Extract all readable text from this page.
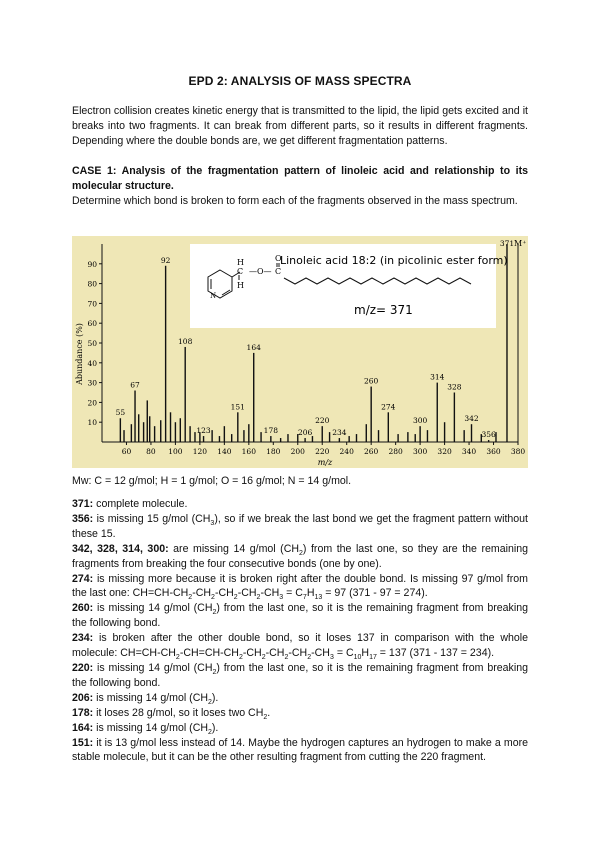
EPD 2: ANALYSIS OF MASS SPECTRA
Electron collision creates kinetic energy that is transmitted to the lipid, the lipid gets excited and it breaks into two fragments. It can break from different parts, so it results in different fragments. Depending where the double bonds are, we get different fragmentation patterns.
CASE 1: Analysis of the fragmentation pattern of linoleic acid and relationship to its molecular structure.
Determine which bond is broken to form each of the fragments observed in the mass spectrum.
55
67
92
108
123
151
164
178	206
220
234
260
274
300
314
328
342
356
371
N
H
C
H
—O— C
O
Linoleic acid 18:2 (in picolinic ester form)
m/z= 371
10
20
30
40
50
60
70
80
90
60 80 100 120 140 160 180 200 220 240 260 280 300 320 340 360 380
Abundance (%)
m/z
M⁺
Mw: C = 12 g/mol; H = 1 g/mol; O = 16 g/mol; N = 14 g/mol.

371: complete molecule.

356: is missing 15 g/mol $(CH_3)$, so if we break the last bond we get the fragment pattern without these 15.

342, 328, 314, 300: are missing 14 g/mol $(CH_2)$ from the last one, so they are the remaining fragments from breaking the four consecutive bonds (one by one).

274: is missing more because it is broken right after the double bond. Is missing 97 g/mol from the last one: $CH=CH-CH_2-CH_2-CH_2-CH_2-CH_3 = C_7H_{13} = 97$ (371 - 97 = 274).

260: is missing 14 g/mol $(CH_2)$ from the last one, so it is the remaining fragment from breaking the following bond.

234: is broken after the other double bond, so it loses 137 in comparison with the whole molecule: $CH=CH-CH_2-CH=CH-CH_2-CH_2-CH_2-CH_2-CH_3 = C_{10}H_{17} = 137$ (371 - 137 = 234).

220: is missing 14 g/mol $(CH_2)$ from the last one, so it is the remaining fragment from breaking the following bond.

206: is missing 14 g/mol $(CH_2)$.

178: it loses 28 g/mol, so it loses two $CH_2$.

164: is missing 14 g/mol $(CH_2)$.

151: it is 13 g/mol less instead of 14. Maybe the hydrogen captures an hydrogen to make a more stable molecule, but it can be the other resulting fragment from cutting the 220 fragment.
